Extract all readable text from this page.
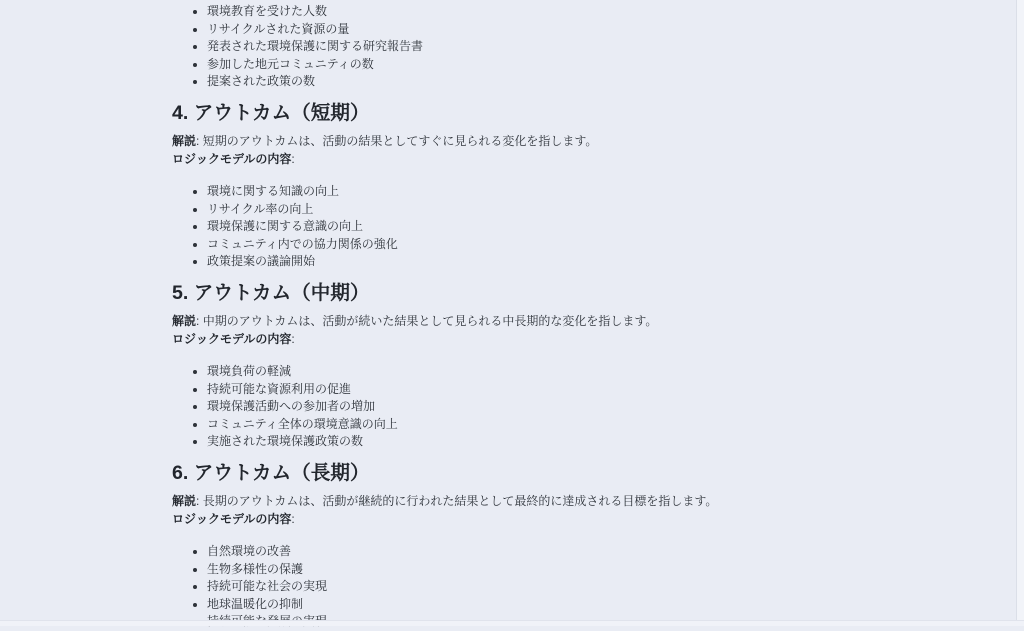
• 環境教育を受けた人数
• リサイクルされた資源の量
• 発表された環境保護に関する研究報告書
• 参加した地元コミュニティの数
• 提案された政策の数
4. アウトカム（短期）

解説: 短期のアウトカムは、活動の結果としてすぐに見られる変化を指します。
ロジックモデルの内容:

• 環境に関する知識の向上
• リサイクル率の向上
• 環境保護に関する意識の向上
• コミュニティ内での協力関係の強化
• 政策提案の議論開始
5. アウトカム（中期）

解説: 中期のアウトカムは、活動が続いた結果として見られる中長期的な変化を指します。
ロジックモデルの内容:

• 環境負荷の軽減
• 持続可能な資源利用の促進
• 環境保護活動への参加者の増加
• コミュニティ全体の環境意識の向上
• 実施された環境保護政策の数
6. アウトカム（長期）

解説: 長期のアウトカムは、活動が継続的に行われた結果として最終的に達成される目標を指します。
ロジックモデルの内容:

• 自然環境の改善
• 生物多様性の保護
• 持続可能な社会の実現
• 地球温暖化の抑制
•
